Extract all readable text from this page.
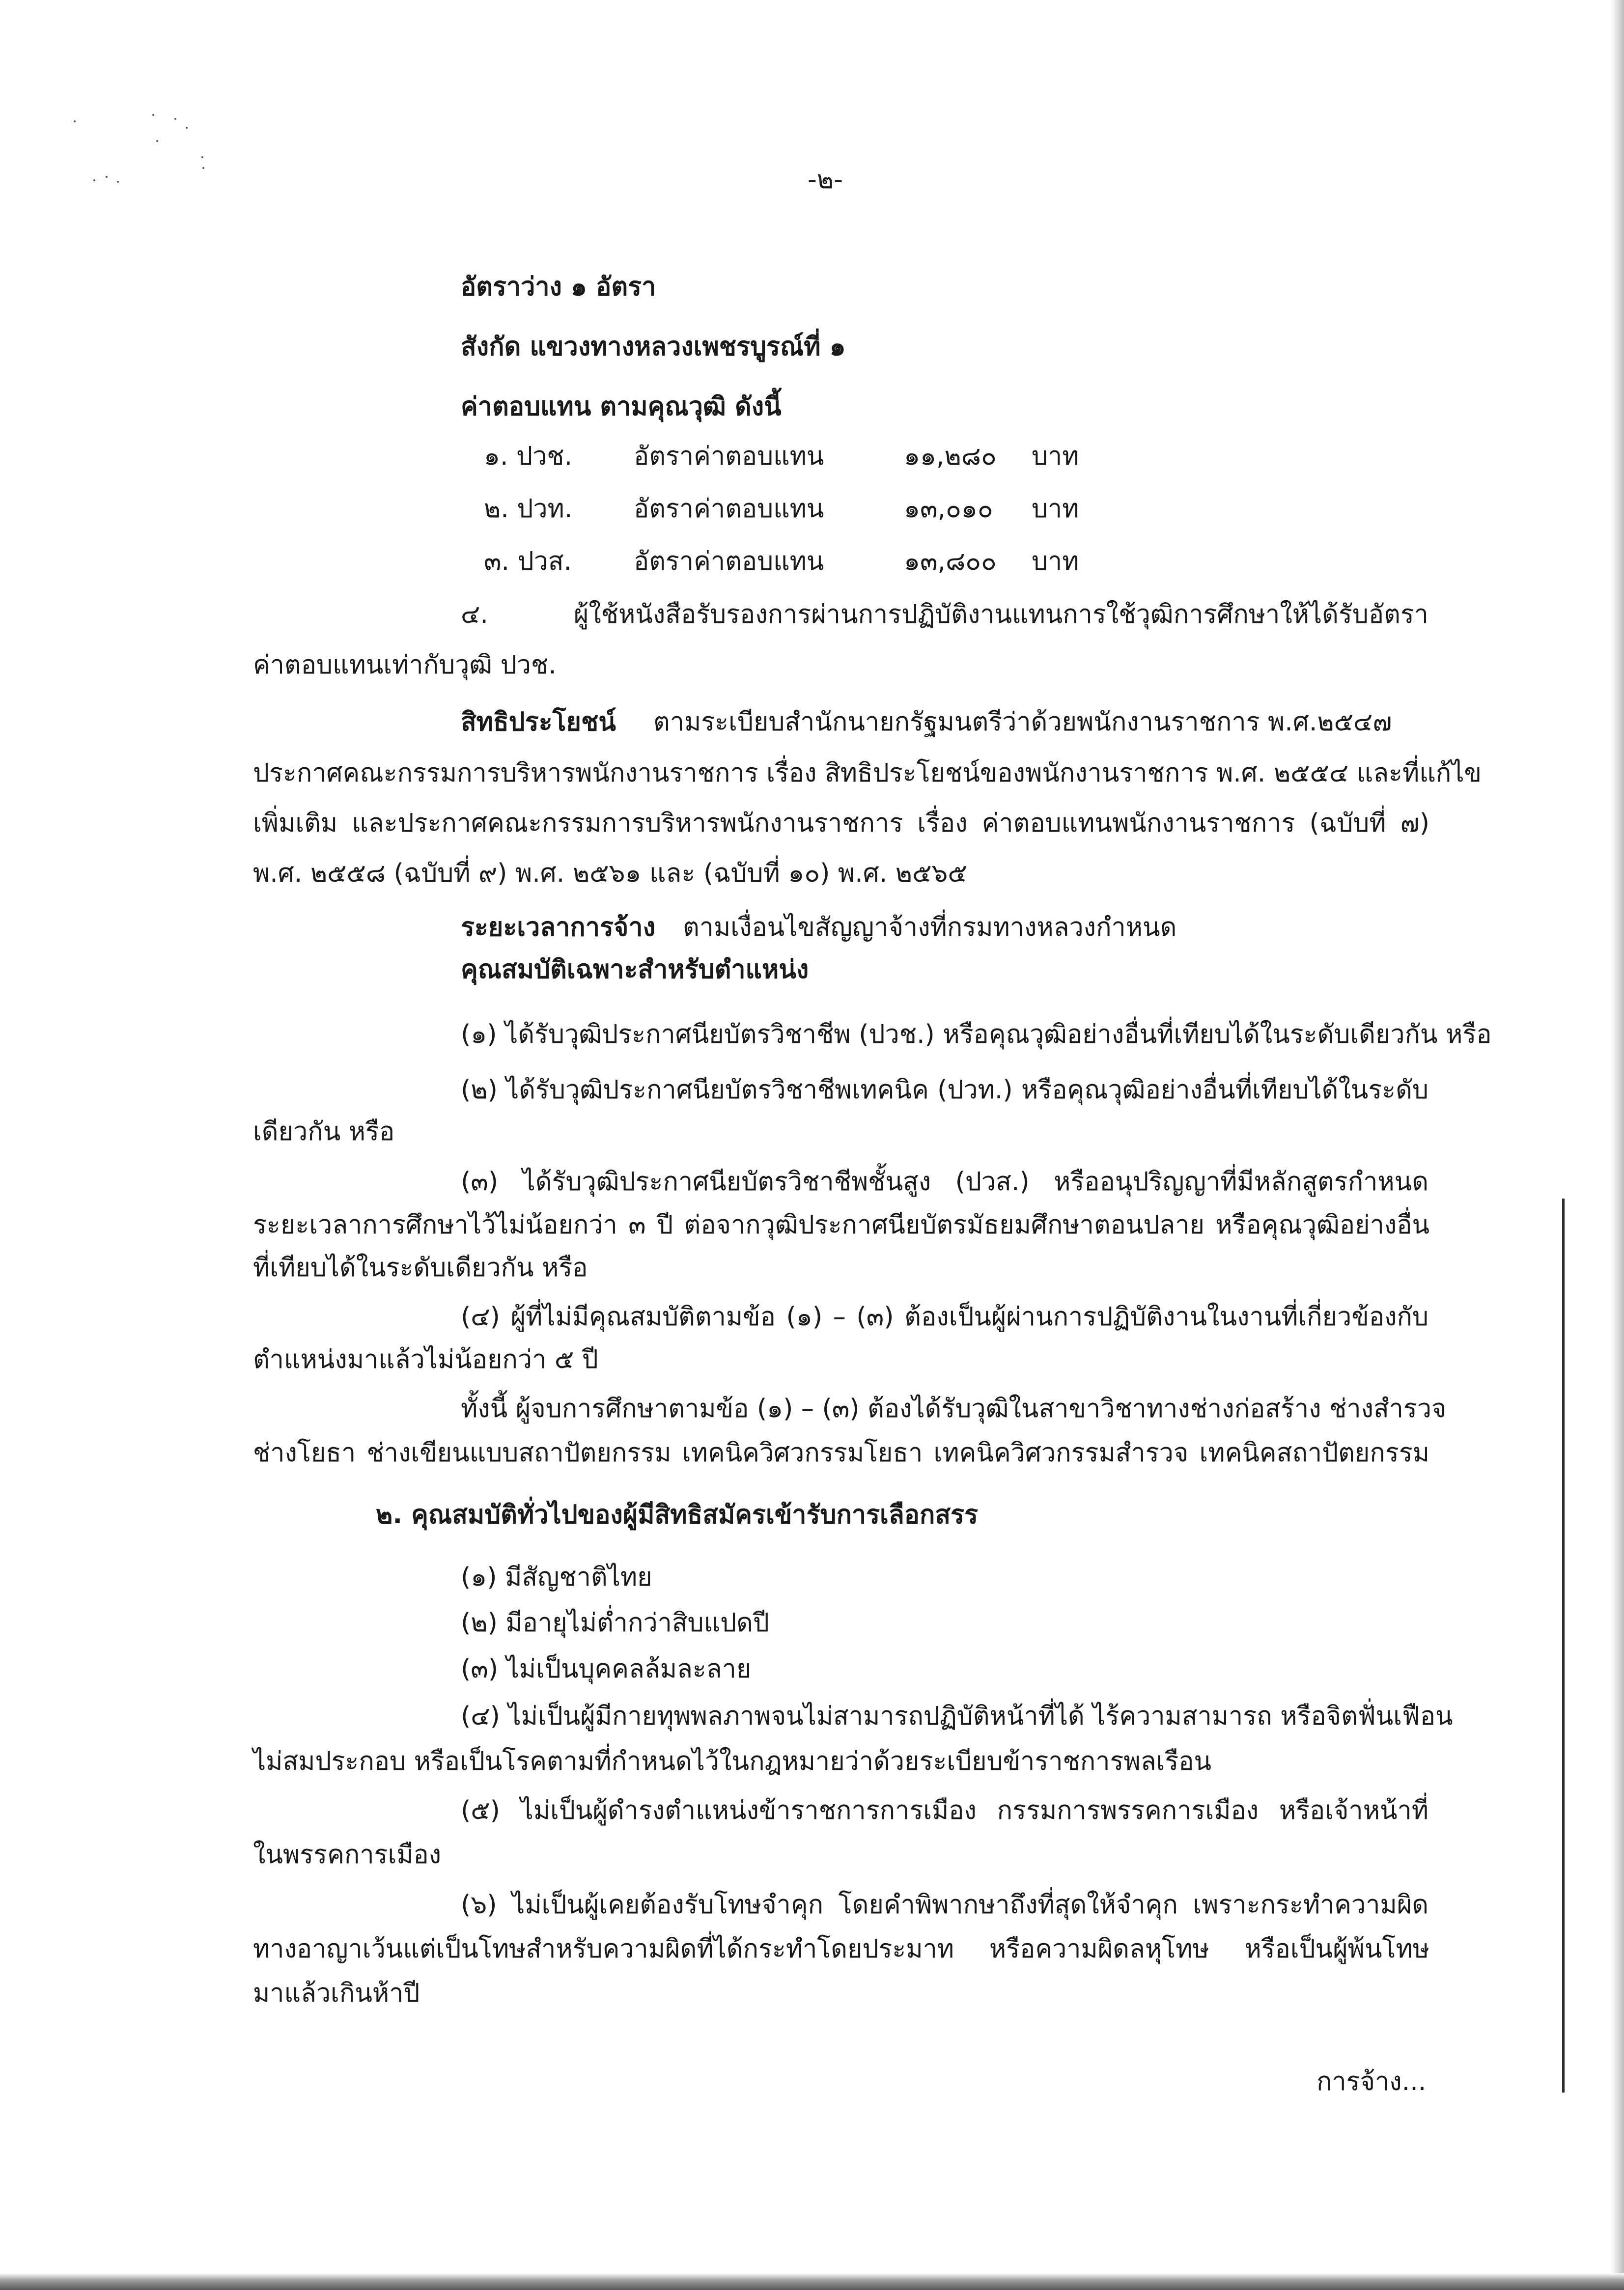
-๒-

อัตราว่าง ๑ อัตรา

สังกัด แขวงทางหลวงเพชรบูรณ์ที่ ๑

ค่าตอบแทน ตามคุณวุฒิ ดังนี้

๑. ปวช. อัตราค่าตอบแทน	๑๑,๒๘๐ บาท

๒. ปวท. อัตราค่าตอบแทน	๑๓,๐๑๐ บาท

๓. ปวส. อัตราค่าตอบแทน	๑๓,๘๐๐ บาท

๔. ผู้ใช้หนังสือรับรองการผ่านการปฏิบัติงานแทนการใช้วุฒิการศึกษาให้ได้รับอัตรา

ค่าตอบแทนเท่ากับวุฒิ ปวช.

สิทธิประโยชน์ ตามระเบียบสำนักนายกรัฐมนตรีว่าด้วยพนักงานราชการ พ.ศ.๒๕๔๗

ประกาศคณะกรรมการบริหารพนักงานราชการ เรื่อง สิทธิประโยชน์ของพนักงานราชการ พ.ศ. ๒๕๕๔ และที่แก้ไข

เพิ่มเติม และประกาศคณะกรรมการบริหารพนักงานราชการ เรื่อง ค่าตอบแทนพนักงานราชการ (ฉบับที่ ๗)

พ.ศ. ๒๕๕๘ (ฉบับที่ ๙) พ.ศ. ๒๕๖๑ และ (ฉบับที่ ๑๐) พ.ศ. ๒๕๖๕

ระยะเวลาการจ้าง ตามเงื่อนไขสัญญาจ้างที่กรมทางหลวงกำหนด

คุณสมบัติเฉพาะสำหรับตำแหน่ง

(๑) ได้รับวุฒิประกาศนียบัตรวิชาชีพ (ปวช.) หรือคุณวุฒิอย่างอื่นที่เทียบได้ในระดับเดียวกัน หรือ

(๒) ได้รับวุฒิประกาศนียบัตรวิชาชีพเทคนิค (ปวท.) หรือคุณวุฒิอย่างอื่นที่เทียบได้ในระดับ

เดียวกัน หรือ

(๓) ได้รับวุฒิประกาศนียบัตรวิชาชีพชั้นสูง (ปวส.) หรืออนุปริญญาที่มีหลักสูตรกำหนด

ระยะเวลาการศึกษาไว้ไม่น้อยกว่า ๓ ปี ต่อจากวุฒิประกาศนียบัตรมัธยมศึกษาตอนปลาย หรือคุณวุฒิอย่างอื่น

ที่เทียบได้ในระดับเดียวกัน หรือ

(๔) ผู้ที่ไม่มีคุณสมบัติตามข้อ (๑) – (๓) ต้องเป็นผู้ผ่านการปฏิบัติงานในงานที่เกี่ยวข้องกับ

ตำแหน่งมาแล้วไม่น้อยกว่า ๕ ปี

ทั้งนี้ ผู้จบการศึกษาตามข้อ (๑) – (๓) ต้องได้รับวุฒิในสาขาวิชาทางช่างก่อสร้าง ช่างสำรวจ

ช่างโยธา ช่างเขียนแบบสถาปัตยกรรม เทคนิควิศวกรรมโยธา เทคนิควิศวกรรมสำรวจ เทคนิคสถาปัตยกรรม

๒. คุณสมบัติทั่วไปของผู้มีสิทธิสมัครเข้ารับการเลือกสรร

(๑) มีสัญชาติไทย

(๒) มีอายุไม่ต่ำกว่าสิบแปดปี

(๓) ไม่เป็นบุคคลล้มละลาย

(๔) ไม่เป็นผู้มีกายทุพพลภาพจนไม่สามารถปฏิบัติหน้าที่ได้ ไร้ความสามารถ หรือจิตฟั่นเฟือน

ไม่สมประกอบ หรือเป็นโรคตามที่กำหนดไว้ในกฎหมายว่าด้วยระเบียบข้าราชการพลเรือน

(๕) ไม่เป็นผู้ดำรงตำแหน่งข้าราชการการเมือง กรรมการพรรคการเมือง หรือเจ้าหน้าที่

ในพรรคการเมือง

(๖) ไม่เป็นผู้เคยต้องรับโทษจำคุก โดยคำพิพากษาถึงที่สุดให้จำคุก เพราะกระทำความผิด

ทางอาญาเว้นแต่เป็นโทษสำหรับความผิดที่ได้กระทำโดยประมาท หรือความผิดลหุโทษ หรือเป็นผู้พ้นโทษ

มาแล้วเกินห้าปี

การจ้าง...
